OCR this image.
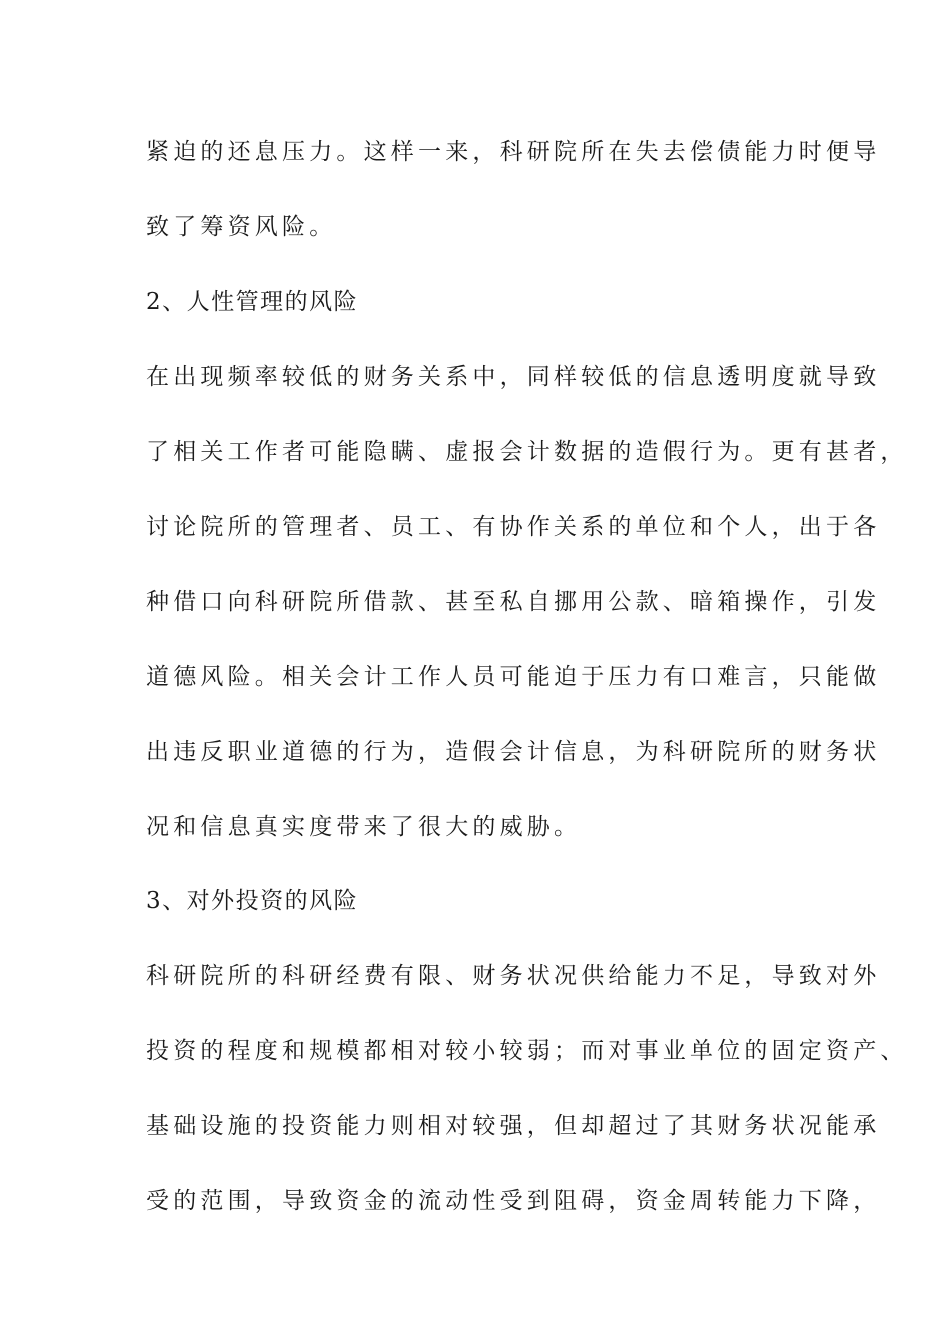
紧迫的还息压力。这样一来，科研院所在失去偿债能力时便导
致了筹资风险。
2、人性管理的风险
在出现频率较低的财务关系中，同样较低的信息透明度就导致
了相关工作者可能隐瞒、虚报会计数据的造假行为。更有甚者，
讨论院所的管理者、员工、有协作关系的单位和个人，出于各
种借口向科研院所借款、甚至私自挪用公款、暗箱操作，引发
道德风险。相关会计工作人员可能迫于压力有口难言，只能做
出违反职业道德的行为，造假会计信息，为科研院所的财务状
况和信息真实度带来了很大的威胁。
3、对外投资的风险
科研院所的科研经费有限、财务状况供给能力不足，导致对外
投资的程度和规模都相对较小较弱；而对事业单位的固定资产、
基础设施的投资能力则相对较强，但却超过了其财务状况能承
受的范围，导致资金的流动性受到阻碍，资金周转能力下降，
